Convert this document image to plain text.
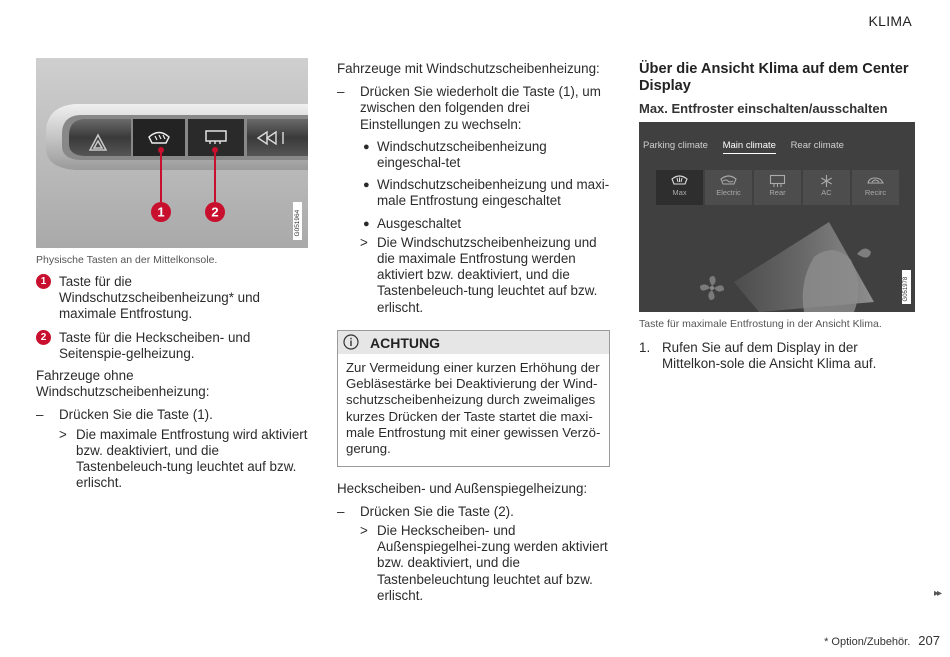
KLIMA
1	2	G051964
Physische Tasten an der Mittelkonsole.
1 Taste für die Windschutzscheibenheizung* und maximale Entfrostung.

2 Taste für die Heckscheiben- und Seitenspie-gelheizung.

Fahrzeuge ohne Windschutzscheibenheizung:

– Drücken Sie die Taste (1).

> Die maximale Entfrostung wird aktiviert bzw. deaktiviert, und die Tastenbeleuch-tung leuchtet auf bzw. erlischt.

Fahrzeuge mit Windschutzscheibenheizung:

– Drücken Sie wiederholt die Taste (1), um zwischen den folgenden drei Einstellungen zu wechseln:

● Windschutzscheibenheizung eingeschal-tet

● Windschutzscheibenheizung und maxi-male Entfrostung eingeschaltet

● Ausgeschaltet

> Die Windschutzscheibenheizung und die maximale Entfrostung werden aktiviert bzw. deaktiviert, und die Tastenbeleuch-tung leuchtet auf bzw. erlischt.

ACHTUNG
Zur Vermeidung einer kurzen Erhöhung der Gebläsestärke bei Deaktivierung der Wind-schutzscheibenheizung durch zweimaliges kurzes Drücken der Taste startet die maxi-male Entfrostung mit einer gewissen Verzö-gerung.

Heckscheiben- und Außenspiegelheizung:

– Drücken Sie die Taste (2).

> Die Heckscheiben- und Außenspiegelhei-zung werden aktiviert bzw. deaktiviert, und die Tastenbeleuchtung leuchtet auf bzw. erlischt.

Über die Ansicht Klima auf dem Center Display
Max. Entfroster einschalten/ausschalten
Parking climate Main climate Rear climate
Max	Electric	Rear	AC	Recirc
G051978
Taste für maximale Entfrostung in der Ansicht Klima.
1. Rufen Sie auf dem Display in der Mittelkon-sole die Ansicht Klima auf.

▸▸
* Option/Zubehör. 207
